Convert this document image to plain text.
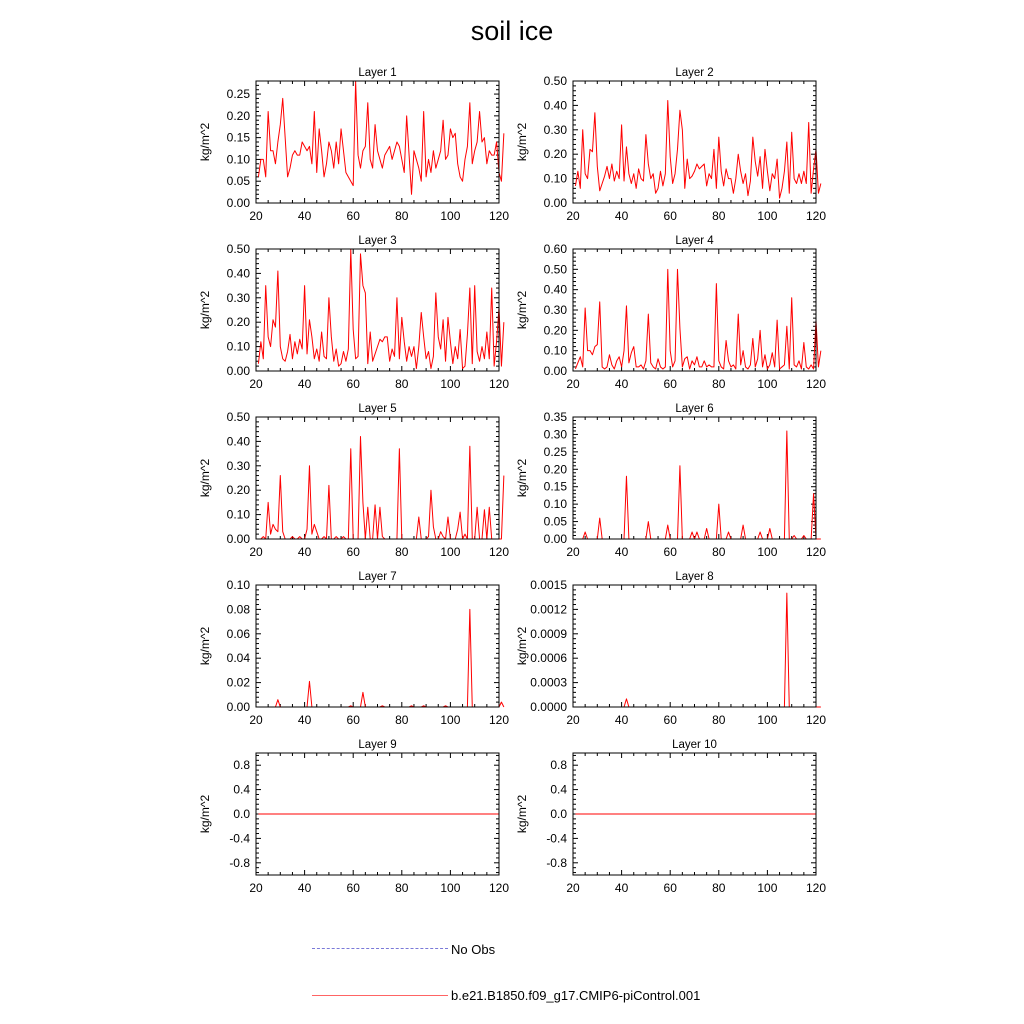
soil ice
Layer 1
kg/m^2
20	40	60	80	100 120
0.00
0.05
0.10
0.15
0.20
0.25
Layer 2
kg/m^2
20	40	60	80	100 120
0.00
0.10
0.20
0.30
0.40
0.50
Layer 3
kg/m^2
20	40	60	80	100 120
0.00
0.10
0.20
0.30
0.40
0.50
Layer 4
kg/m^2
20	40	60	80	100 120
0.00
0.10
0.20
0.30
0.40
0.50
0.60
Layer 5
kg/m^2
20	40	60	80	100 120
0.00
0.10
0.20
0.30
0.40
0.50
Layer 6
kg/m^2
20	40	60	80	100 120
0.00
0.05
0.10
0.15
0.20
0.25
0.30
0.35
Layer 7
kg/m^2
20	40	60	80	100 120
0.00
0.02
0.04
0.06
0.08
0.10
Layer 8
kg/m^2
20	40	60	80	100 120
0.0000
0.0003
0.0006
0.0009
0.0012
0.0015
Layer 9
kg/m^2
20	40	60	80	100 120
-0.8
-0.4
0.0
0.4
0.8
Layer 10
kg/m^2
20	40	60	80	100 120
-0.8
-0.4
0.0
0.4
0.8
No Obs
b.e21.B1850.f09_g17.CMIP6-piControl.001
